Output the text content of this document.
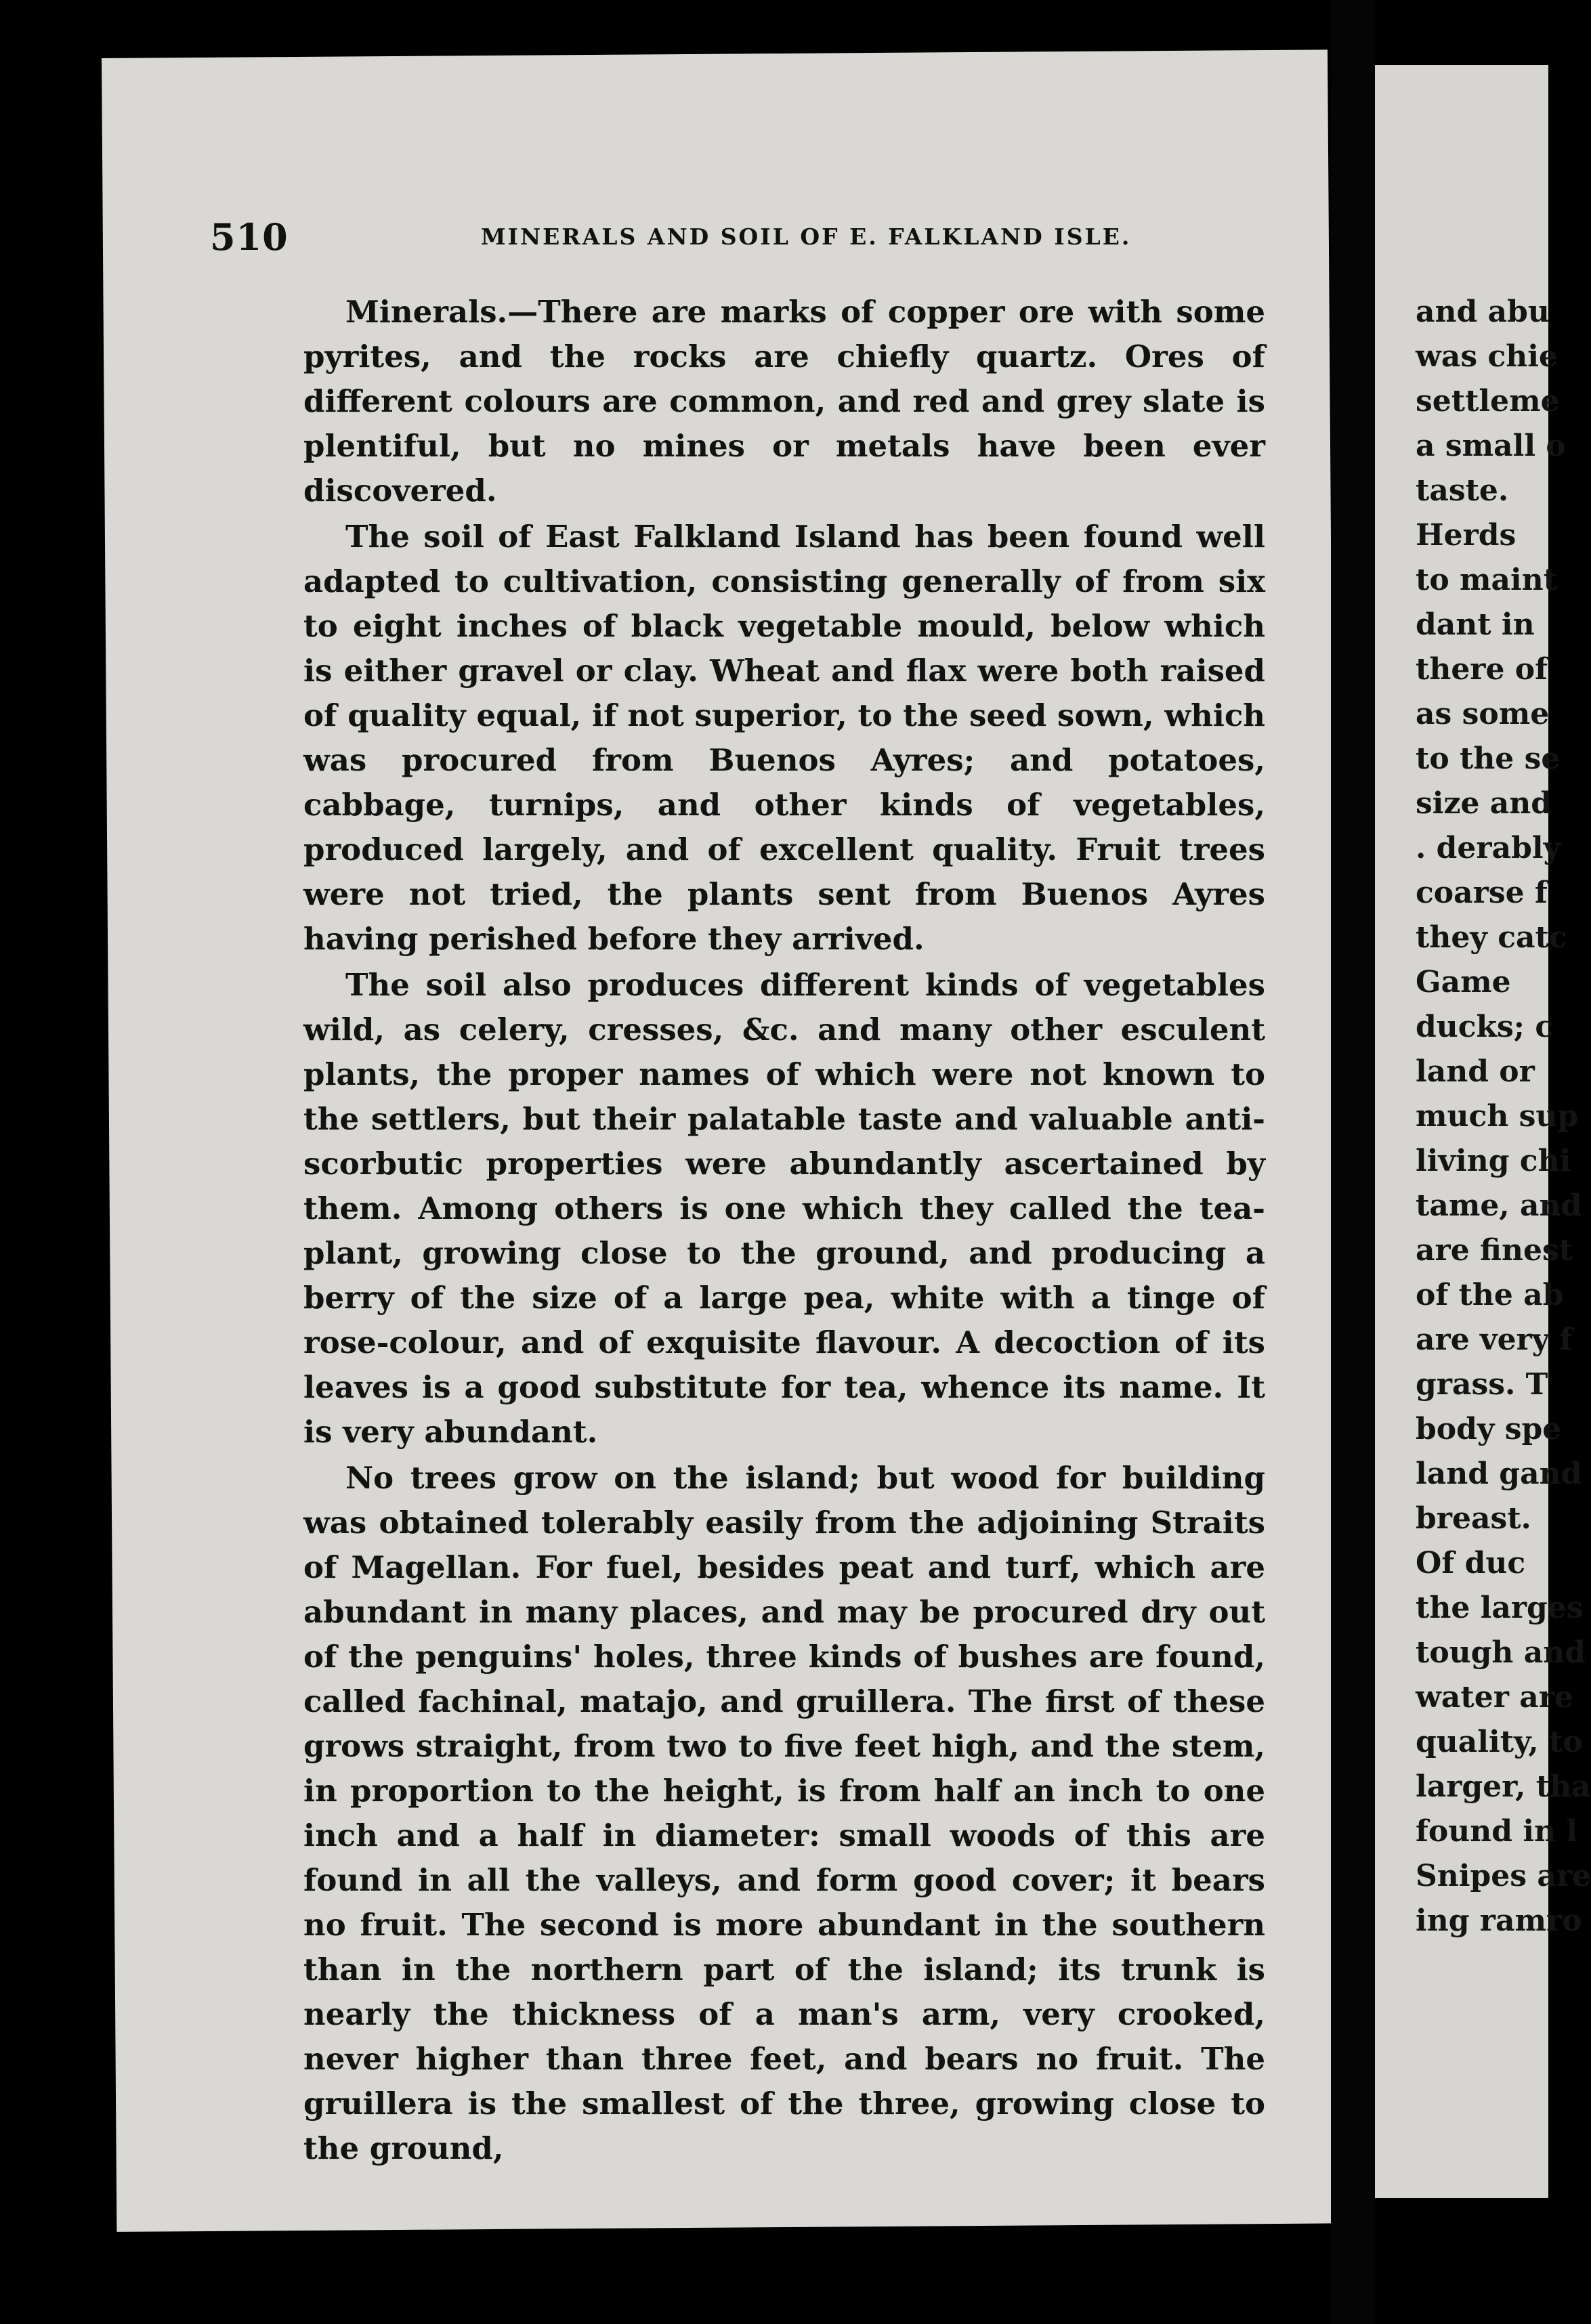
510	MINERALS AND SOIL OF E. FALKLAND ISLE.

Minerals.—There are marks of copper ore with some pyrites, and the rocks are chiefly quartz. Ores of different colours are common, and red and grey slate is plentiful, but no mines or metals have been ever discovered.

The soil of East Falkland Island has been found well adapted to cultivation, consisting generally of from six to eight inches of black vegetable mould, below which is either gravel or clay. Wheat and flax were both raised of quality equal, if not superior, to the seed sown, which was procured from Buenos Ayres; and potatoes, cabbage, turnips, and other kinds of vegetables, produced largely, and of excellent quality. Fruit trees were not tried, the plants sent from Buenos Ayres having perished before they arrived.

The soil also produces different kinds of vegetables wild, as celery, cresses, &c. and many other esculent plants, the proper names of which were not known to the settlers, but their palatable taste and valuable anti-scorbutic properties were abundantly ascertained by them. Among others is one which they called the tea-plant, growing close to the ground, and producing a berry of the size of a large pea, white with a tinge of rose-colour, and of exquisite flavour. A decoction of its leaves is a good substitute for tea, whence its name. It is very abundant.

No trees grow on the island; but wood for building was obtained tolerably easily from the adjoining Straits of Magellan. For fuel, besides peat and turf, which are abundant in many places, and may be procured dry out of the penguins' holes, three kinds of bushes are found, called fachinal, matajo, and gruillera. The first of these grows straight, from two to five feet high, and the stem, in proportion to the height, is from half an inch to one inch and a half in diameter: small woods of this are found in all the valleys, and form good cover; it bears no fruit. The second is more abundant in the southern than in the northern part of the island; its trunk is nearly the thickness of a man's arm, very crooked, never higher than three feet, and bears no fruit. The gruillera is the smallest of the three, growing close to the ground,

and abu
was chie
settleme
a small o
taste.
Herds
to maint
dant in
there of
as some
to the se
size and
. derably
coarse f
they catc
Game
ducks; c
land or
much sup
living chi
tame, and
are finest
of the ab
are very f
grass. T
body spe
land gand
breast.
Of duc
the larges
tough and
water are
quality, to
larger, tha
found in l
Snipes are
ing ramro
